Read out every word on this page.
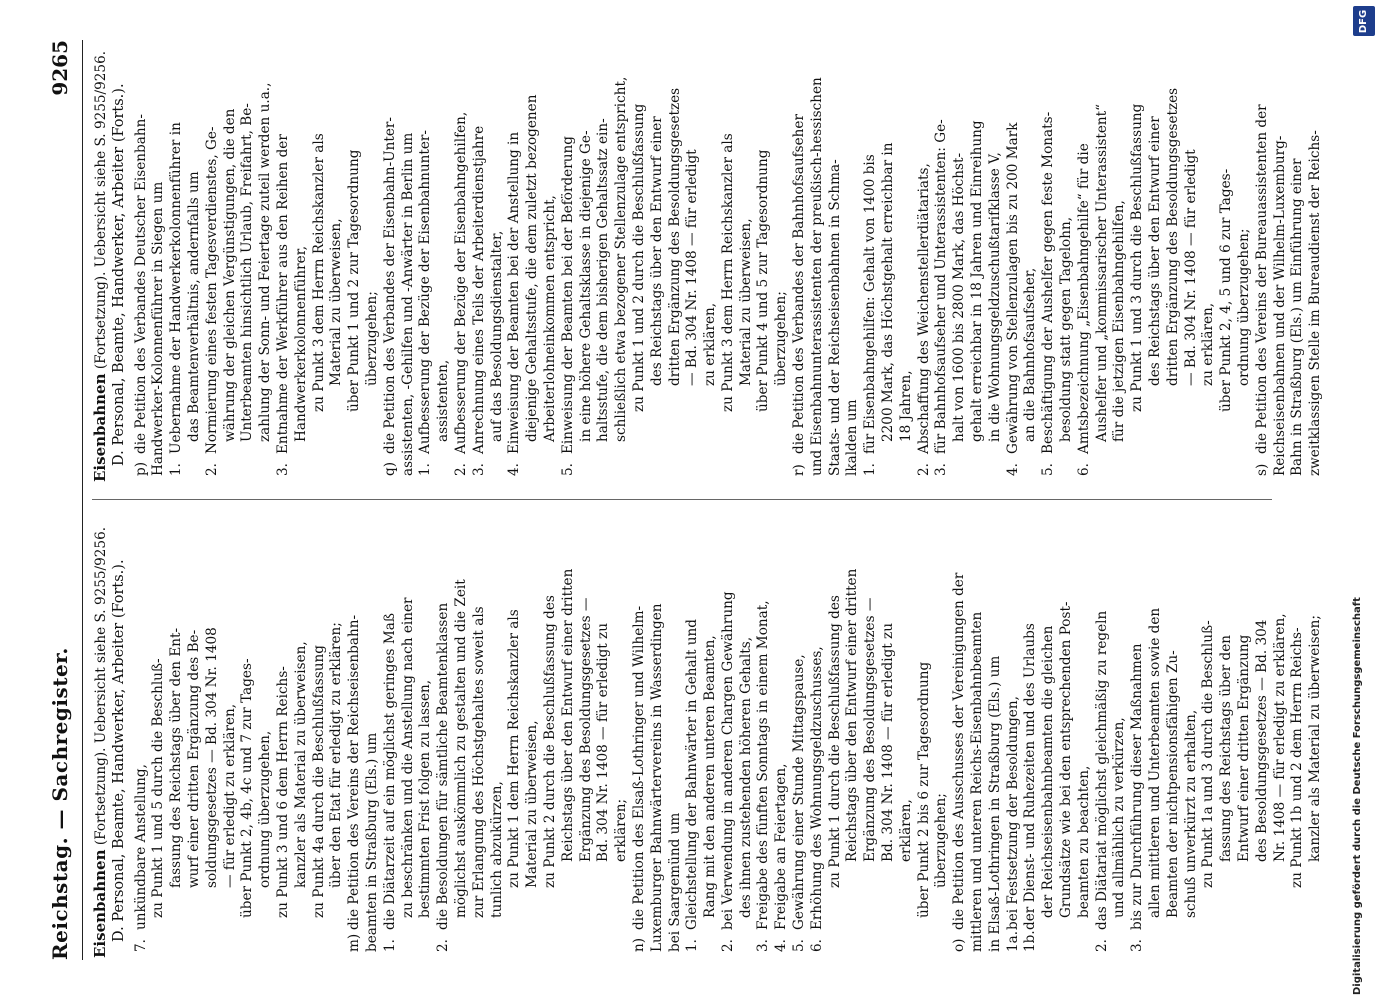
Reichstag. — Sachregister.
9265
Eisenbahnen (Fortsetzung). Uebersicht siehe S. 9255/9256. D. Personal, Beamte, Handwerker, Arbeiter (Forts.).
7.unkündbare Anstellung, zu Punkt 1 und 5 durch die Beschluß- fassung des Reichstags über den Ent- wurf einer dritten Ergänzung des Be- soldungsgesetzes — Bd. 304 Nr. 1408 — für erledigt zu erklären, über Punkt 2, 4b, 4c und 7 zur Tages- ordnung überzugehen, zu Punkt 3 und 6 dem Herrn Reichs- kanzler als Material zu überweisen, zu Punkt 4a durch die Beschlußfassung über den Etat für erledigt zu erklären;
m)die Petition des Vereins der Reichseisenbahn- beamten in Straßburg (Els.) um 1.die Diätarzeit auf ein möglichst geringes Maß zu beschränken und die Anstellung nach einer bestimmten Frist folgen zu lassen,
2.die Besoldungen für sämtliche Beamtenklassen möglichst auskömmlich zu gestalten und die Zeit zur Erlangung des Höchstgehaltes soweit als tunlich abzukürzen, zu Punkt 1 dem Herrn Reichskanzler als Material zu überweisen, zu Punkt 2 durch die Beschlußfassung des Reichstags über den Entwurf einer dritten Ergänzung des Besoldungsgesetzes — Bd. 304 Nr. 1408 — für erledigt zu erklären;
n)die Petition des Elsaß-Lothringer und Wilhelm- Luxemburger Bahnwärtervereins in Wasserdingen bei Saargemünd um 1.Gleichstellung der Bahnwärter in Gehalt und Rang mit den anderen unteren Beamten,
2.bei Verwendung in anderen Chargen Gewährung des ihnen zustehenden höheren Gehalts,
3.Freigabe des fünften Sonntags in einem Monat,
4.Freigabe an Feiertagen,
5.Gewährung einer Stunde Mittagspause,
6.Erhöhung des Wohnungsgeldzuschusses, zu Punkt 1 durch die Beschlußfassung des Reichstags über den Entwurf einer dritten Ergänzung des Besoldungsgesetzes — Bd. 304 Nr. 1408 — für erledigt zu erklären, über Punkt 2 bis 6 zur Tagesordnung überzugehen;
o)die Petition des Ausschusses der Vereinigungen der mittleren und unteren Reichs-Eisenbahnbeamten in Elsaß-Lothringen in Straßburg (Els.) um 1a.bei Festsetzung der Besoldungen,
1b.der Dienst- und Ruhezeiten und des Urlaubs der Reichseisenbahnbeamten die gleichen Grundsätze wie bei den entsprechenden Post- beamten zu beachten,
2.das Diätariat möglichst gleichmäßig zu regeln und allmählich zu verkürzen,
3.bis zur Durchführung dieser Maßnahmen allen mittleren und Unterbeamten sowie den Beamten der nichtpensionsfähigen Zu- schuß unverkürzt zu erhalten, zu Punkt 1a und 3 durch die Beschluß- fassung des Reichstags über den Entwurf einer dritten Ergänzung des Besoldungsgesetzes — Bd. 304 Nr. 1408 — für erledigt zu erklären, zu Punkt 1b und 2 dem Herrn Reichs- kanzler als Material zu überweisen;
Eisenbahnen (Fortsetzung). Uebersicht siehe S. 9255/9256. D. Personal, Beamte, Handwerker, Arbeiter (Forts.).
p)die Petition des Verbandes Deutscher Eisenbahn- Handwerker-Kolonnenführer in Siegen um 1.Uebernahme der Handwerkerkolonnenführer in das Beamtenverhältnis, andernfalls um
2.Normierung eines festen Tagesverdienstes, Ge- währung der gleichen Vergünstigungen, die den Unterbeamten hinsichtlich Urlaub, Freifahrt, Be- zahlung der Sonn- und Feiertage zuteil werden u.a.,
3.Entnahme der Werkführer aus den Reihen der Handwerkerkolonnenführer, zu Punkt 3 dem Herrn Reichskanzler als Material zu überweisen, über Punkt 1 und 2 zur Tagesordnung überzugehen;
q)die Petition des Verbandes der Eisenbahn-Unter- assistenten, -Gehilfen und -Anwärter in Berlin um 1.Aufbesserung der Bezüge der Eisenbahnunter- assistenten,
2.Aufbesserung der Bezüge der Eisenbahngehilfen,
3.Anrechnung eines Teils der Arbeiterdienstjahre auf das Besoldungsdienstalter,
4.Einweisung der Beamten bei der Anstellung in diejenige Gehaltsstufe, die dem zuletzt bezogenen Arbeiterlohneinkommen entspricht,
5.Einweisung der Beamten bei der Beförderung in eine höhere Gehaltsklasse in diejenige Ge- haltsstufe, die dem bisherigen Gehaltssatz ein- schließlich etwa bezogener Stellenzulage entspricht, zu Punkt 1 und 2 durch die Beschlußfassung des Reichstags über den Entwurf einer dritten Ergänzung des Besoldungsgesetzes — Bd. 304 Nr. 1408 — für erledigt zu erklären, zu Punkt 3 dem Herrn Reichskanzler als Material zu überweisen, über Punkt 4 und 5 zur Tagesordnung überzugehen;
r)die Petition des Verbandes der Bahnhofsaufseher und Eisenbahnunterassistenten der preußisch-hessischen Staats- und der Reichseisenbahnen in Schma- lkalden um 1.für Eisenbahngehilfen: Gehalt von 1400 bis 2200 Mark, das Höchstgehalt erreichbar in 18 Jahren,
2.Abschaffung des Weichenstellerdiätariats,
3.für Bahnhofsaufseher und Unterassistenten: Ge- halt von 1600 bis 2800 Mark, das Höchst- gehalt erreichbar in 18 Jahren und Einreihung in die Wohnungsgeldzuschußtarifklasse V,
4.Gewährung von Stellenzulagen bis zu 200 Mark an die Bahnhofsaufseher,
5.Beschäftigung der Aushelfer gegen feste Monats- besoldung statt gegen Tagelohn,
6.Amtsbezeichnung „Eisenbahngehilfe“ für die Aushelfer und „kommissarischer Unterassistent“ für die jetzigen Eisenbahngehilfen, zu Punkt 1 und 3 durch die Beschlußfassung des Reichstags über den Entwurf einer dritten Ergänzung des Besoldungsgesetzes — Bd. 304 Nr. 1408 — für erledigt zu erklären, über Punkt 2, 4, 5 und 6 zur Tages- ordnung überzugehen;
s)die Petition des Vereins der Bureauassistenten der Reichseisenbahnen und der Wilhelm-Luxemburg- Bahn in Straßburg (Els.) um Einführung einer zweitklassigen Stelle im Bureaudienst der Reichs-
Digitalisierung gefördert durch die Deutsche Forschungsgemeinschaft
DFG
